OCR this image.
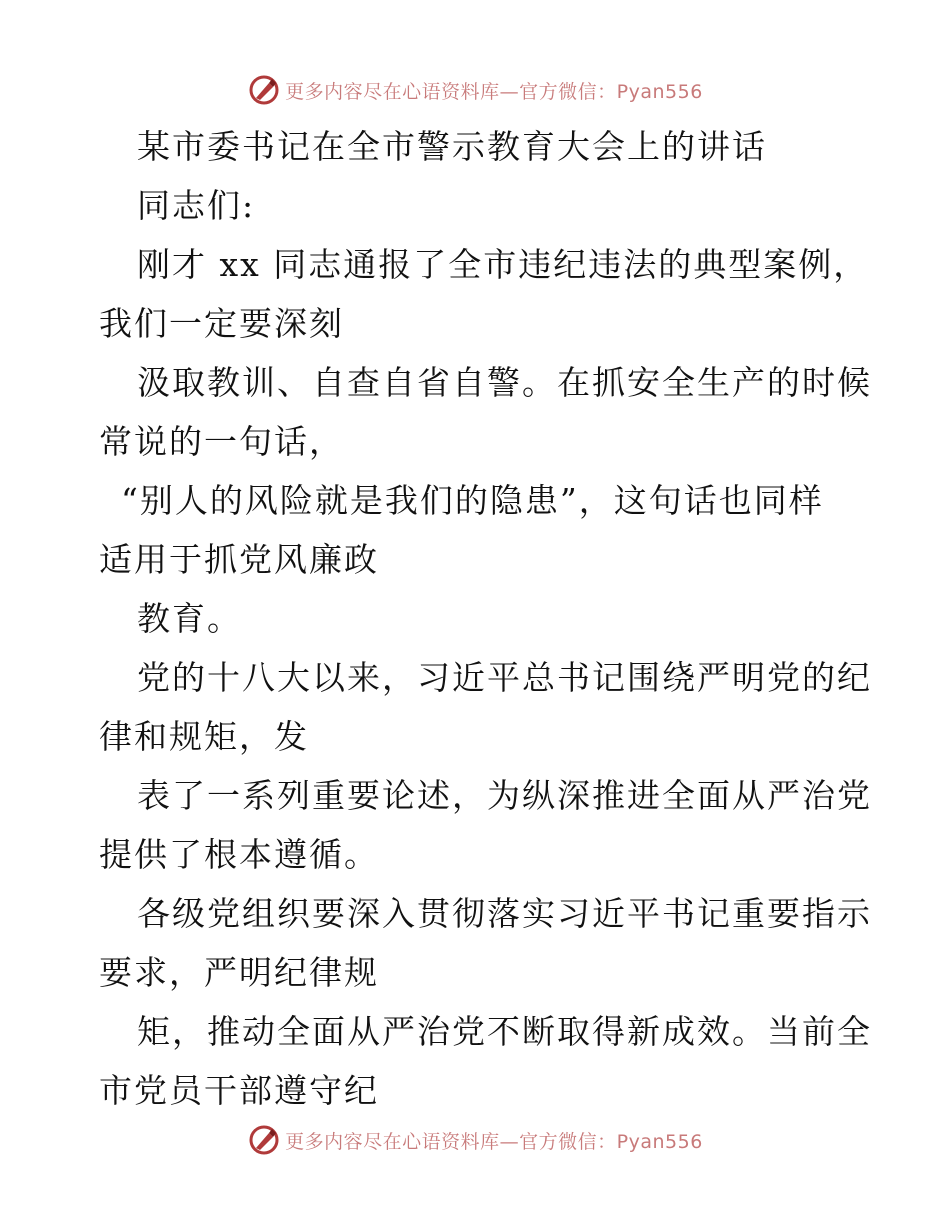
更多内容尽在心语资料库—官方微信：Pyan556
某市委书记在全市警示教育大会上的讲话
同志们:
刚才 xx 同志通报了全市违纪违法的典型案例，
我们一定要深刻
汲取教训、自查自省自警。在抓安全生产的时候
常说的一句话，
“别人的风险就是我们的隐患”，这句话也同样
适用于抓党风廉政
教育。
党的十八大以来，习近平总书记围绕严明党的纪
律和规矩，发
表了一系列重要论述，为纵深推进全面从严治党
提供了根本遵循。
各级党组织要深入贯彻落实习近平书记重要指示
要求，严明纪律规
矩，推动全面从严治党不断取得新成效。当前全
市党员干部遵守纪
更多内容尽在心语资料库—官方微信：Pyan556
